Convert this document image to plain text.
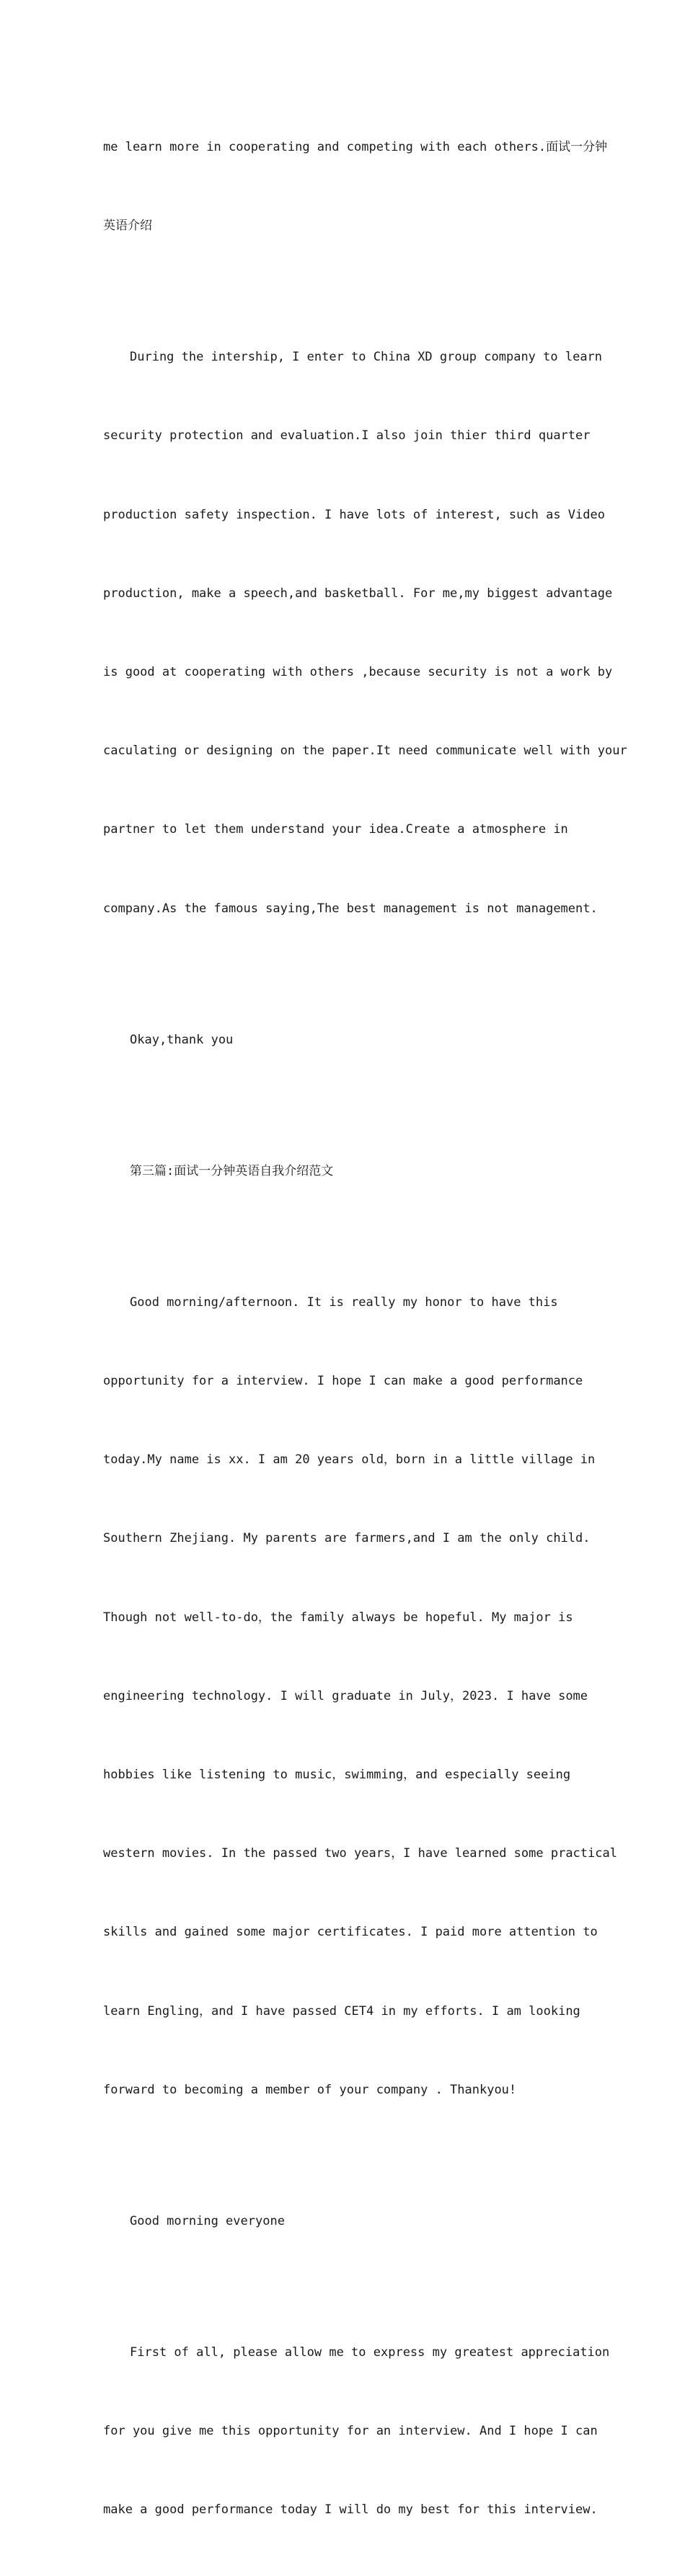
me learn more in cooperating and competing with each others.面试一分钟

英语介绍

During the intership, I enter to China XD group company to learn

security protection and evaluation.I also join thier third quarter

production safety inspection. I have lots of interest, such as Video

production, make a speech,and basketball. For me,my biggest advantage

is good at cooperating with others ,because security is not a work by

caculating or designing on the paper.It need communicate well with your

partner to let them understand your idea.Create a atmosphere in

company.As the famous saying,The best management is not management.

Okay,thank you

第三篇:面试一分钟英语自我介绍范文

Good morning/afternoon. It is really my honor to have this

opportunity for a interview. I hope I can make a good performance

today.My name is xx. I am 20 years old，born in a little village in

Southern Zhejiang. My parents are farmers,and I am the only child.

Though not well-to-do，the family always be hopeful. My major is

engineering technology. I will graduate in July，2023. I have some

hobbies like listening to music，swimming，and especially seeing

western movies. In the passed two years，I have learned some practical

skills and gained some major certificates. I paid more attention to

learn Engling，and I have passed CET4 in my efforts. I am looking

forward to becoming a member of your company . Thankyou!

Good morning everyone

First of all, please allow me to express my greatest appreciation

for you give me this opportunity for an interview. And I hope I can

make a good performance today I will do my best for this interview.
